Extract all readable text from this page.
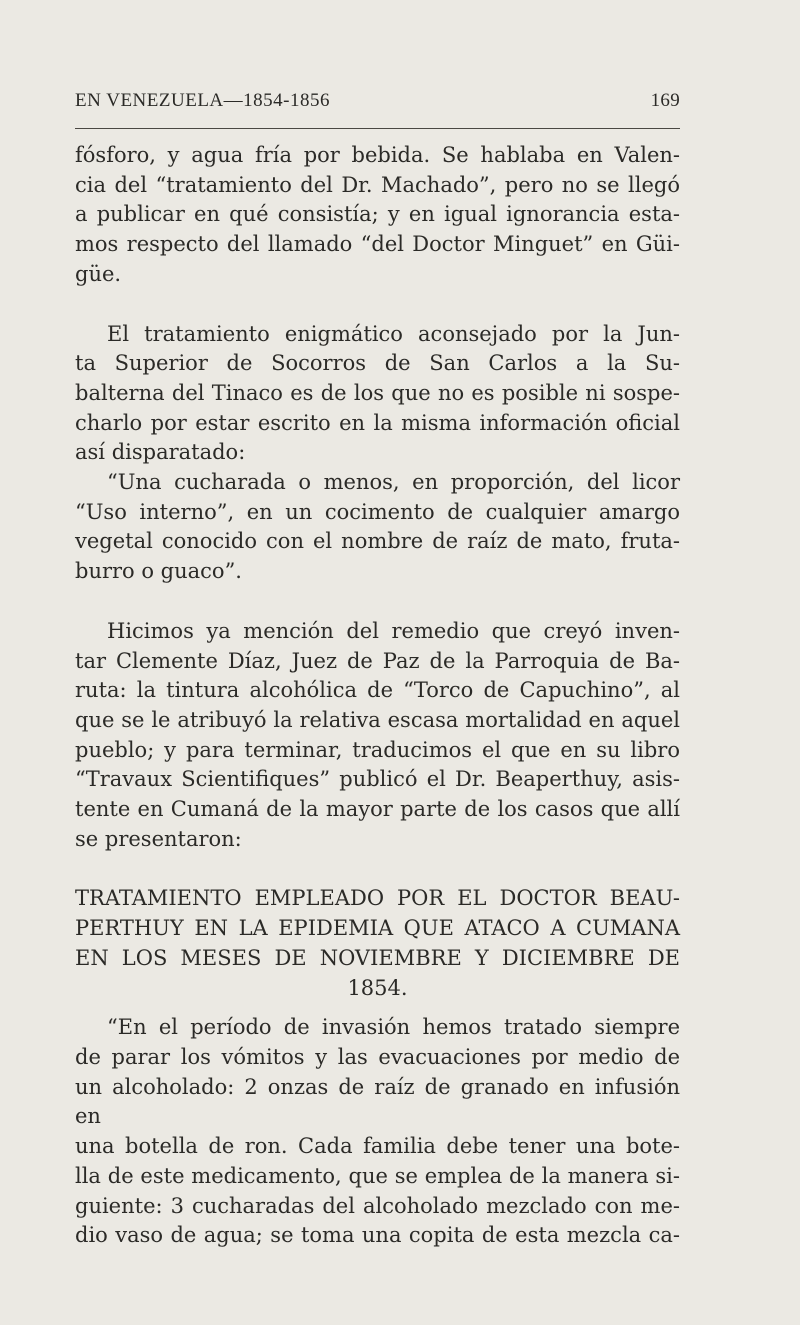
EN VENEZUELA—1854-1856	169

fósforo, y agua fría por bebida. Se hablaba en Valen-

cia del “tratamiento del Dr. Machado”, pero no se llegó

a publicar en qué consistía; y en igual ignorancia esta-

mos respecto del llamado “del Doctor Minguet” en Güi-

güe.

El tratamiento enigmático aconsejado por la Jun-

ta Superior de Socorros de San Carlos a la Su-

balterna del Tinaco es de los que no es posible ni sospe-

charlo por estar escrito en la misma información oficial

así disparatado:

“Una cucharada o menos, en proporción, del licor

“Uso interno”, en un cocimento de cualquier amargo

vegetal conocido con el nombre de raíz de mato, fruta-

burro o guaco”.

Hicimos ya mención del remedio que creyó inven-

tar Clemente Díaz, Juez de Paz de la Parroquia de Ba-

ruta: la tintura alcohólica de “Torco de Capuchino”, al

que se le atribuyó la relativa escasa mortalidad en aquel

pueblo; y para terminar, traducimos el que en su libro

“Travaux Scientifiques” publicó el Dr. Beaperthuy, asis-

tente en Cumaná de la mayor parte de los casos que allí

se presentaron:

TRATAMIENTO EMPLEADO POR EL DOCTOR BEAU-

PERTHUY EN LA EPIDEMIA QUE ATACO A CUMANA

EN LOS MESES DE NOVIEMBRE Y DICIEMBRE DE

1854.

“En el período de invasión hemos tratado siempre

de parar los vómitos y las evacuaciones por medio de

un alcoholado: 2 onzas de raíz de granado en infusión en

una botella de ron. Cada familia debe tener una bote-

lla de este medicamento, que se emplea de la manera si-

guiente: 3 cucharadas del alcoholado mezclado con me-

dio vaso de agua; se toma una copita de esta mezcla ca-
